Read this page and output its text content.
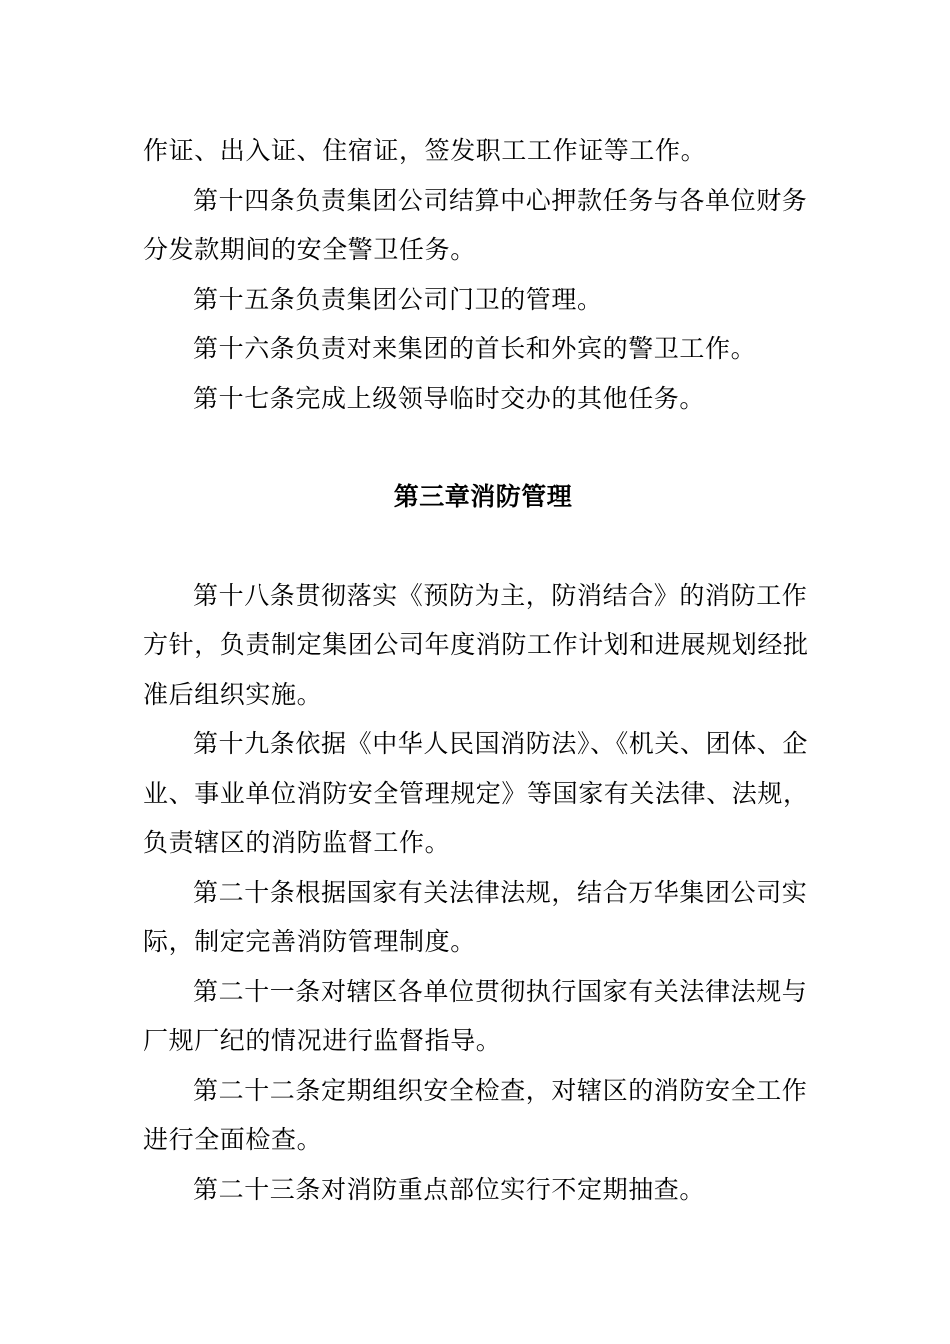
作证、出入证、住宿证，签发职工工作证等工作。

第十四条负责集团公司结算中心押款任务与各单位财务分发款期间的安全警卫任务。

第十五条负责集团公司门卫的管理。

第十六条负责对来集团的首长和外宾的警卫工作。

第十七条完成上级领导临时交办的其他任务。

第三章消防管理

第十八条贯彻落实《预防为主，防消结合》的消防工作方针，负责制定集团公司年度消防工作计划和进展规划经批准后组织实施。

第十九条依据《中华人民国消防法》、《机关、团体、企业、事业单位消防安全管理规定》等国家有关法律、法规，负责辖区的消防监督工作。

第二十条根据国家有关法律法规，结合万华集团公司实际，制定完善消防管理制度。

第二十一条对辖区各单位贯彻执行国家有关法律法规与厂规厂纪的情况进行监督指导。

第二十二条定期组织安全检查，对辖区的消防安全工作进行全面检查。

第二十三条对消防重点部位实行不定期抽查。
